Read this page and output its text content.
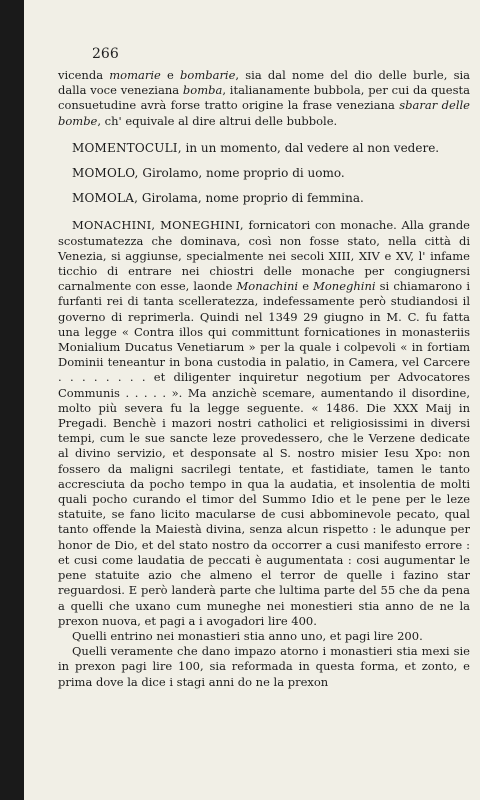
266

vicenda momarie e bombarie, sia dal nome del dio delle burle, sia dalla voce veneziana bomba, italianamente bubbola, per cui da questa consuetudine avrà forse tratto origine la frase veneziana sbarar delle bombe, ch' equivale al dire altrui delle bubbole.

MOMENTOCULI, in un momento, dal vedere al non vedere.

MOMOLO, Girolamo, nome proprio di uomo.

MOMOLA, Girolama, nome proprio di femmina.

MONACHINI, MONEGHINI, fornicatori con monache. Alla grande scostumatezza che dominava, così non fosse stato, nella città di Venezia, si aggiunse, specialmente nei secoli XIII, XIV e XV, l' infame ticchio di entrare nei chiostri delle monache per congiugnersi carnalmente con esse, laonde Monachini e Moneghini si chiamarono i furfanti rei di tanta scelleratezza, indefessamente però studiandosi il governo di reprimerla. Quindi nel 1349 29 giugno in M. C. fu fatta una legge « Contra illos qui committunt fornicationes in monasteriis Monialium Ducatus Venetiarum » per la quale i colpevoli « in fortiam Dominii teneantur in bona custodia in palatio, in Camera, vel Carcere . . . . . . . . et diligenter inquiretur negotium per Advocatores Communis . . . . . ». Ma anzichè scemare, aumentando il disordine, molto più severa fu la legge seguente. « 1486. Die XXX Maij in Pregadi. Benchè i mazori nostri catholici et religiosissimi in diversi tempi, cum le sue sancte leze provedessero, che le Verzene dedicate al divino servizio, et desponsate al S. nostro misier Iesu Xpo: non fossero da maligni sacrilegi tentate, et fastidiate, tamen le tanto accresciuta da pocho tempo in qua la audatia, et insolentia de molti quali pocho curando el timor del Summo Idio et le pene per le leze statuite, se fano licito macularse de cusi abbominevole pecato, qual tanto offende la Maiestà divina, senza alcun rispetto : le adunque per honor de Dio, et del stato nostro da occorrer a cusi manifesto errore : et cusi come laudatia de peccati è augumentata : cosi augumentar le pene statuite azio che almeno el terror de quelle i fazino star reguardosi. E però landerà parte che lultima parte del 55 che da pena a quelli che uxano cum muneghe nei monestieri stia anno de ne la prexon nuova, et pagi a i avogadori lire 400.

Quelli entrino nei monastieri stia anno uno, et pagi lire 200.

Quelli veramente che dano impazo atorno i monastieri stia mexi sie in prexon pagi lire 100, sia reformada in questa forma, et zonto, e prima dove la dice i stagi anni do ne la prexon
